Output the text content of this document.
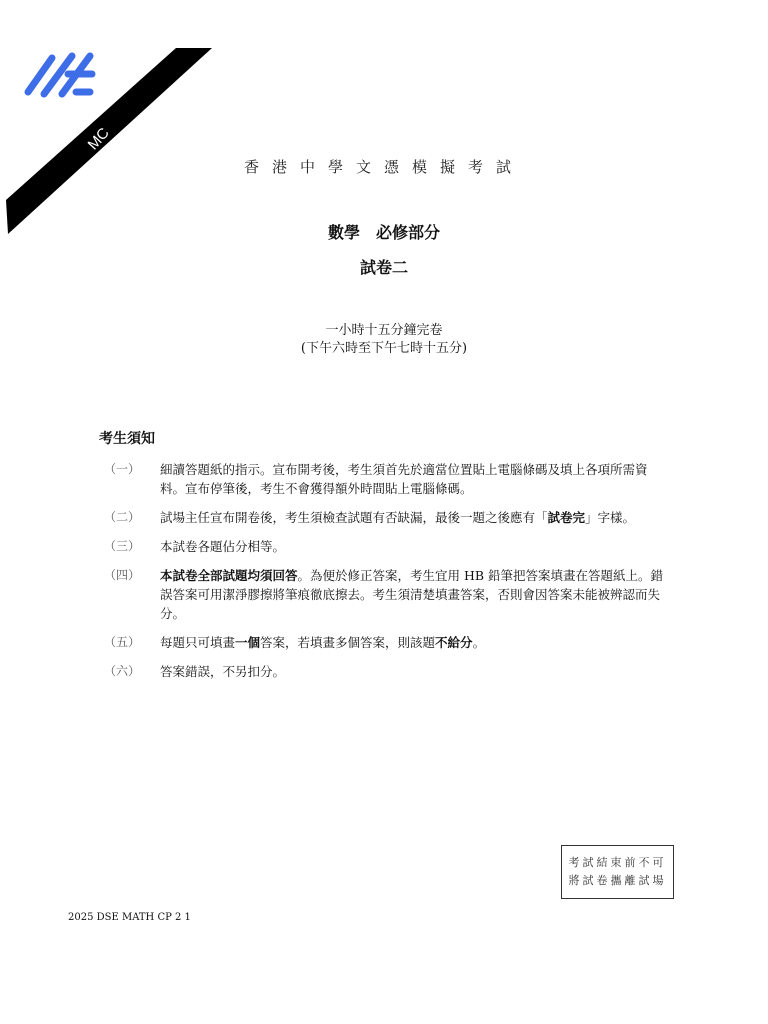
MC
香港中學文憑模擬考試
數學 必修部分
試卷二
一小時十五分鐘完卷
(下午六時至下午七時十五分)
考生須知
（一）	細讀答題紙的指示。宣布開考後，考生須首先於適當位置貼上電腦條碼及填上各項所需資料。宣布停筆後，考生不會獲得額外時間貼上電腦條碼。
（二）	試場主任宣布開卷後，考生須檢查試題有否缺漏，最後一題之後應有「試卷完」字樣。
（三）	本試卷各題佔分相等。
（四）	本試卷全部試題均須回答。為便於修正答案，考生宜用 HB 鉛筆把答案填畫在答題紙上。錯誤答案可用潔淨膠擦將筆痕徹底擦去。考生須清楚填畫答案，否則會因答案未能被辨認而失分。
（五）	每題只可填畫一個答案，若填畫多個答案，則該題不給分。
（六）	答案錯誤，不另扣分。
考試結束前不可
將試卷攜離試場
2025 DSE MATH CP 2 1
